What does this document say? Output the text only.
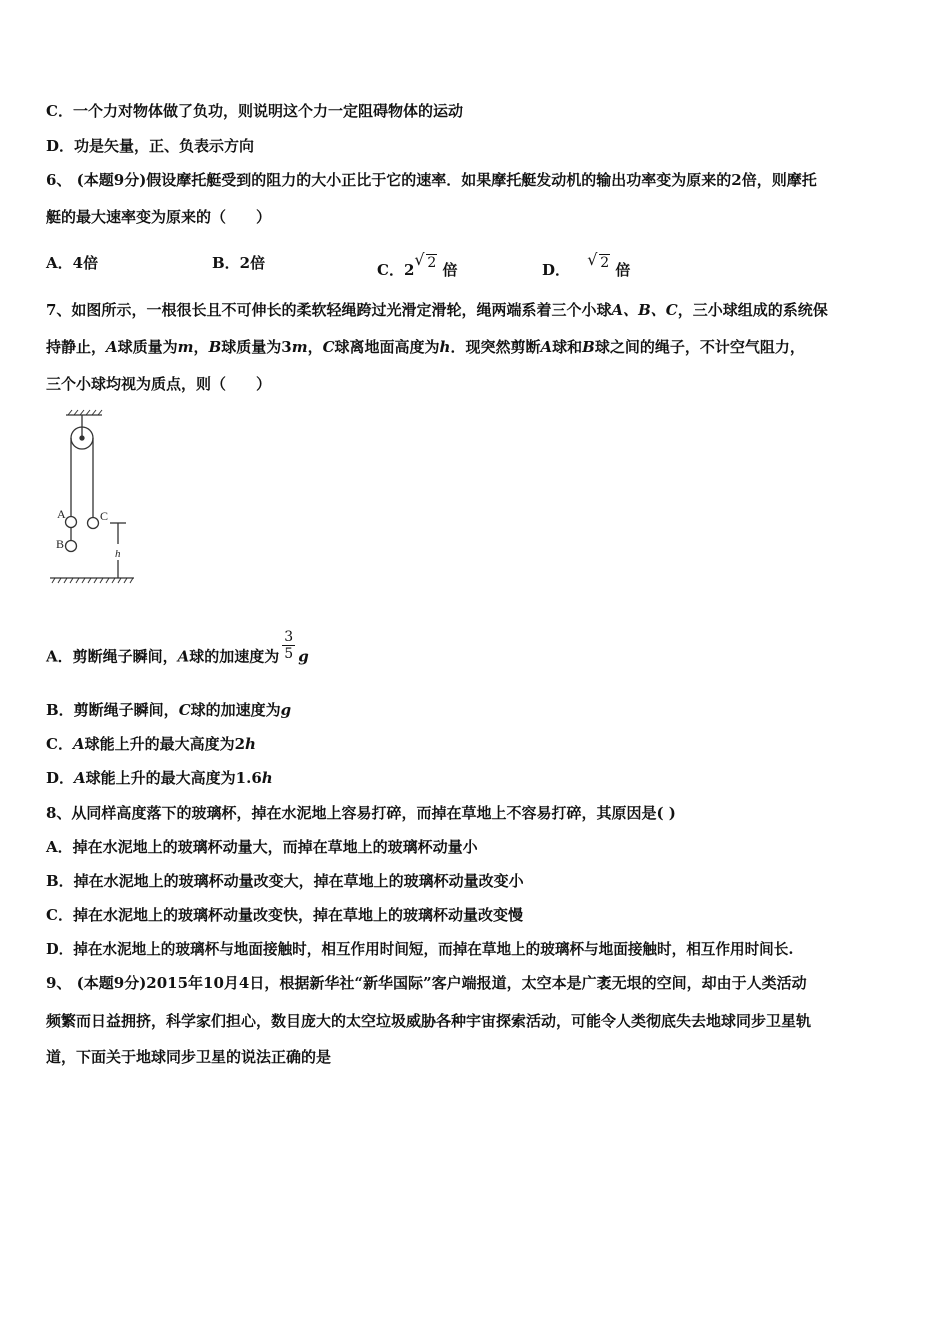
C．一个力对物体做了负功，则说明这个力一定阻碍物体的运动
D．功是矢量，正、负表示方向
6、 (本题9分)假设摩托艇受到的阻力的大小正比于它的速率．如果摩托艇发动机的输出功率变为原来的2倍，则摩托
艇的最大速率变为原来的（　　）
A．4倍	B．2倍	C．2
√ 2 倍	D．
√ 2 倍
7、如图所示，一根很长且不可伸长的柔软轻绳跨过光滑定滑轮，绳两端系着三个小球A、B、C，三小球组成的系统保
持静止，A球质量为m，B球质量为3m，C球离地面高度为h．现突然剪断A球和B球之间的绳子，不计空气阻力，
三个小球均视为质点，则（　　）
A
B
C
h
A．剪断绳子瞬间，A球的加速度为 $\frac{3}{5}$ g
B．剪断绳子瞬间，C球的加速度为g
C．A球能上升的最大高度为2h
D．A球能上升的最大高度为1.6h
8、从同样高度落下的玻璃杯，掉在水泥地上容易打碎，而掉在草地上不容易打碎，其原因是( )
A．掉在水泥地上的玻璃杯动量大，而掉在草地上的玻璃杯动量小
B．掉在水泥地上的玻璃杯动量改变大，掉在草地上的玻璃杯动量改变小
C．掉在水泥地上的玻璃杯动量改变快，掉在草地上的玻璃杯动量改变慢
D．掉在水泥地上的玻璃杯与地面接触时，相互作用时间短，而掉在草地上的玻璃杯与地面接触时，相互作用时间长.
9、 (本题9分)2015年10月4日，根据新华社“新华国际”客户端报道，太空本是广袤无垠的空间，却由于人类活动
频繁而日益拥挤，科学家们担心，数目庞大的太空垃圾威胁各种宇宙探索活动，可能令人类彻底失去地球同步卫星轨
道，下面关于地球同步卫星的说法正确的是
